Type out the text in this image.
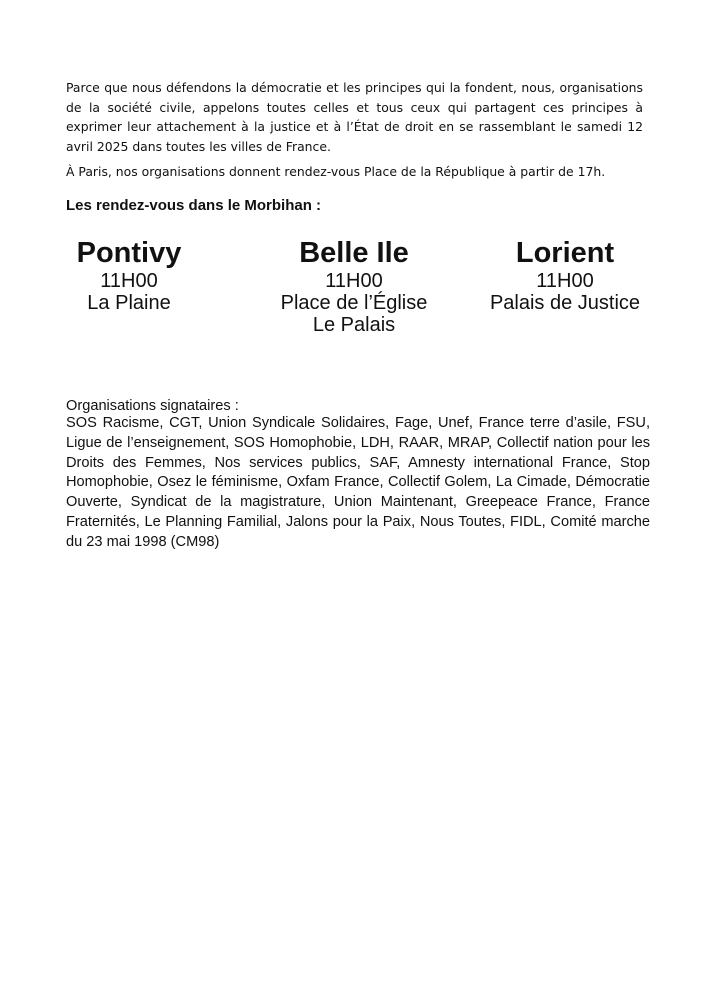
Parce que nous défendons la démocratie et les principes qui la fondent, nous, organisations de la société civile, appelons toutes celles et tous ceux qui partagent ces principes à exprimer leur attachement à la justice et à l’État de droit en se rassemblant le samedi 12 avril 2025 dans toutes les villes de France.

À Paris, nos organisations donnent rendez-vous Place de la République à partir de 17h.

Les rendez-vous dans le Morbihan :

Pontivy
11H00
La Plaine
Belle Ile
11H00
Place de l’Église
Le Palais
Lorient
11H00
Palais de Justice

Organisations signataires :

SOS Racisme, CGT, Union Syndicale Solidaires, Fage, Unef, France terre d’asile, FSU, Ligue de l’enseignement, SOS Homophobie, LDH, RAAR, MRAP, Collectif nation pour les Droits des Femmes, Nos services publics, SAF, Amnesty international France, Stop Homophobie, Osez le féminisme, Oxfam France, Collectif Golem, La Cimade, Démocratie Ouverte, Syndicat de la magistrature, Union Maintenant, Greepeace France, France Fraternités, Le Planning Familial, Jalons pour la Paix, Nous Toutes, FIDL, Comité marche du 23 mai 1998 (CM98)
